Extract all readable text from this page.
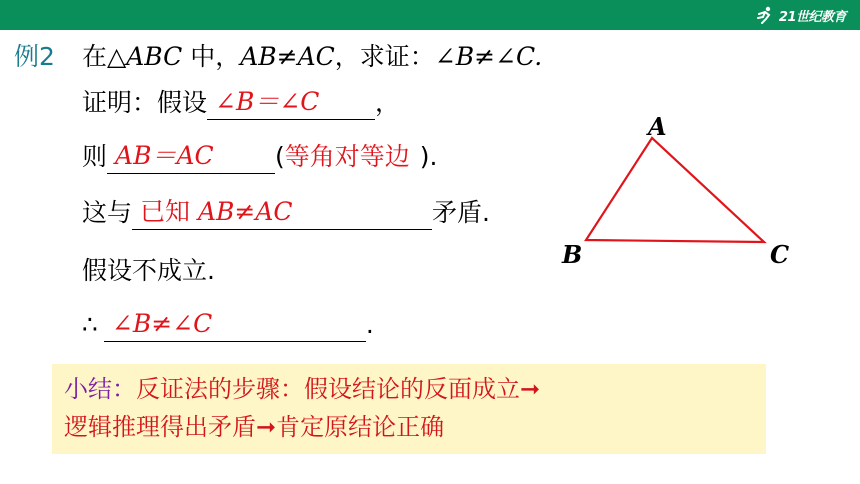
21世纪教育
例2 在△ABC 中，AB≠AC，求证：∠B≠∠C.
证明：假设 ∠B＝∠C ，
则 AB＝AC (等角对等边 ).
这与 已知 AB≠AC	矛盾.
假设不成立.
∴ ∠B≠∠C	.
A
B	C
小结：反证法的步骤：假设结论的反面成立➞
逻辑推理得出矛盾➞肯定原结论正确
